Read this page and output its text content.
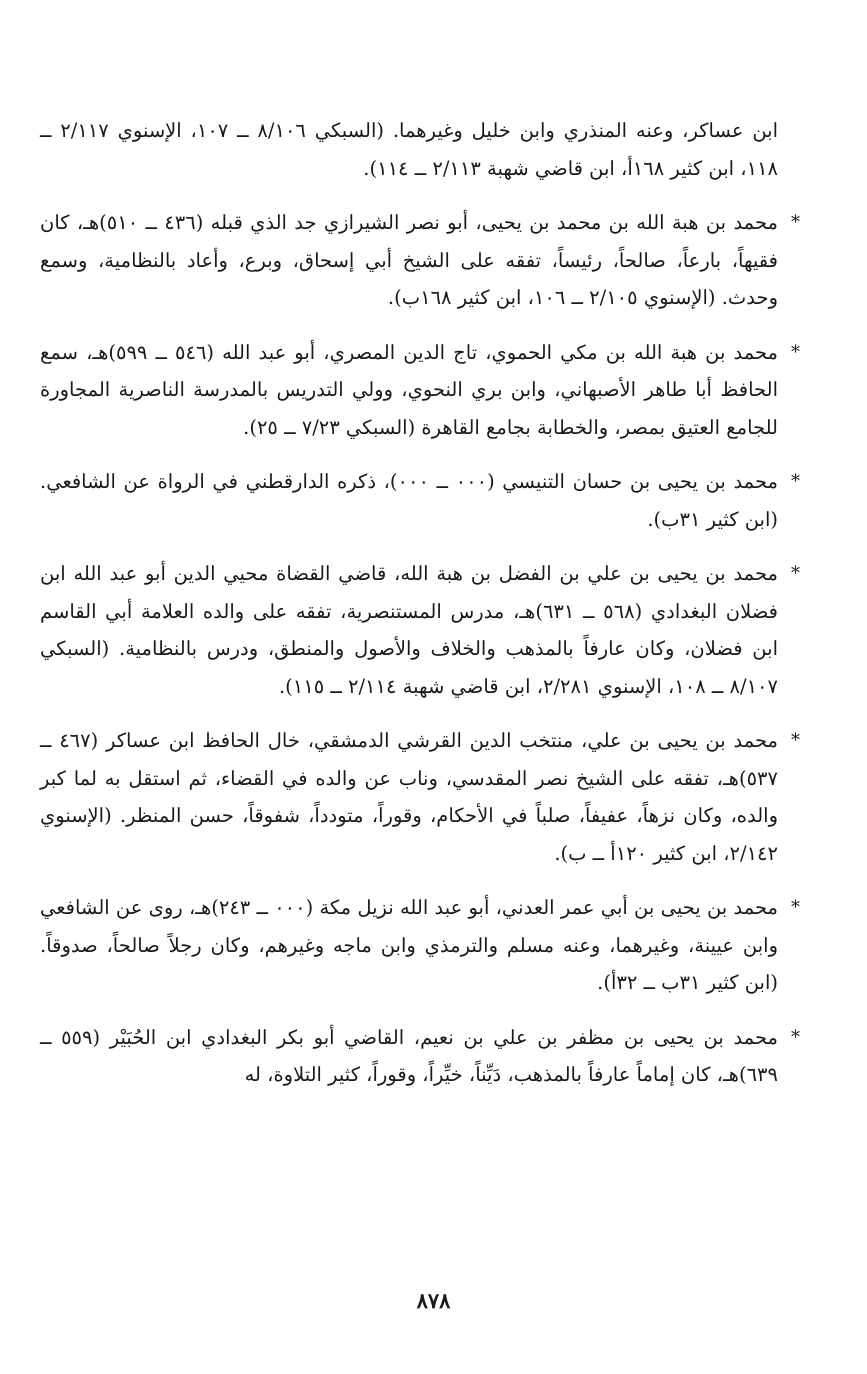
ابن عساكر، وعنه المنذري وابن خليل وغيرهما. (السبكي ٨/١٠٦ ــ ١٠٧، الإسنوي ٢/١١٧ ــ ١١٨، ابن كثير ١٦٨أ، ابن قاضي شهبة ٢/١١٣ ــ ١١٤).

*
محمد بن هبة الله بن محمد بن يحيى، أبو نصر الشيرازي جد الذي قبله (٤٣٦ ــ ٥١٠)هـ، كان فقيهاً، بارعاً، صالحاً، رئيساً، تفقه على الشيخ أبي إسحاق، وبرع، وأعاد بالنظامية، وسمع وحدث. (الإسنوي ٢/١٠٥ ــ ١٠٦، ابن كثير ١٦٨ب).

*
محمد بن هبة الله بن مكي الحموي، تاج الدين المصري، أبو عبد الله (٥٤٦ ــ ٥٩٩)هـ، سمع الحافظ أبا طاهر الأصبهاني، وابن بري النحوي، وولي التدريس بالمدرسة الناصرية المجاورة للجامع العتيق بمصر، والخطابة بجامع القاهرة (السبكي ٧/٢٣ ــ ٢٥).

*
محمد بن يحيى بن حسان التنيسي (٠٠٠ ــ ٠٠٠)، ذكره الدارقطني في الرواة عن الشافعي. (ابن كثير ٣١ب).

*
محمد بن يحيى بن علي بن الفضل بن هبة الله، قاضي القضاة محيي الدين أبو عبد الله ابن فضلان البغدادي (٥٦٨ ــ ٦٣١)هـ، مدرس المستنصرية، تفقه على والده العلامة أبي القاسم ابن فضلان، وكان عارفاً بالمذهب والخلاف والأصول والمنطق، ودرس بالنظامية. (السبكي ٨/١٠٧ ــ ١٠٨، الإسنوي ٢/٢٨١، ابن قاضي شهبة ٢/١١٤ ــ ١١٥).

*
محمد بن يحيى بن علي، منتخب الدين القرشي الدمشقي، خال الحافظ ابن عساكر (٤٦٧ ــ ٥٣٧)هـ، تفقه على الشيخ نصر المقدسي، وناب عن والده في القضاء، ثم استقل به لما كبر والده، وكان نزهاً، عفيفاً، صلباً في الأحكام، وقوراً، متودداً، شفوقاً، حسن المنظر. (الإسنوي ٢/١٤٢، ابن كثير ١٢٠أ ــ ب).

*
محمد بن يحيى بن أبي عمر العدني، أبو عبد الله نزيل مكة (٠٠٠ ــ ٢٤٣)هـ، روى عن الشافعي وابن عيينة، وغيرهما، وعنه مسلم والترمذي وابن ماجه وغيرهم، وكان رجلاً صالحاً، صدوقاً. (ابن كثير ٣١ب ــ ٣٢أ).

*
محمد بن يحيى بن مظفر بن علي بن نعيم، القاضي أبو بكر البغدادي ابن الحُبَيْر (٥٥٩ ــ ٦٣٩)هـ، كان إماماً عارفاً بالمذهب، دَيِّناً، خيِّراً، وقوراً، كثير التلاوة، له

٨٧٨
